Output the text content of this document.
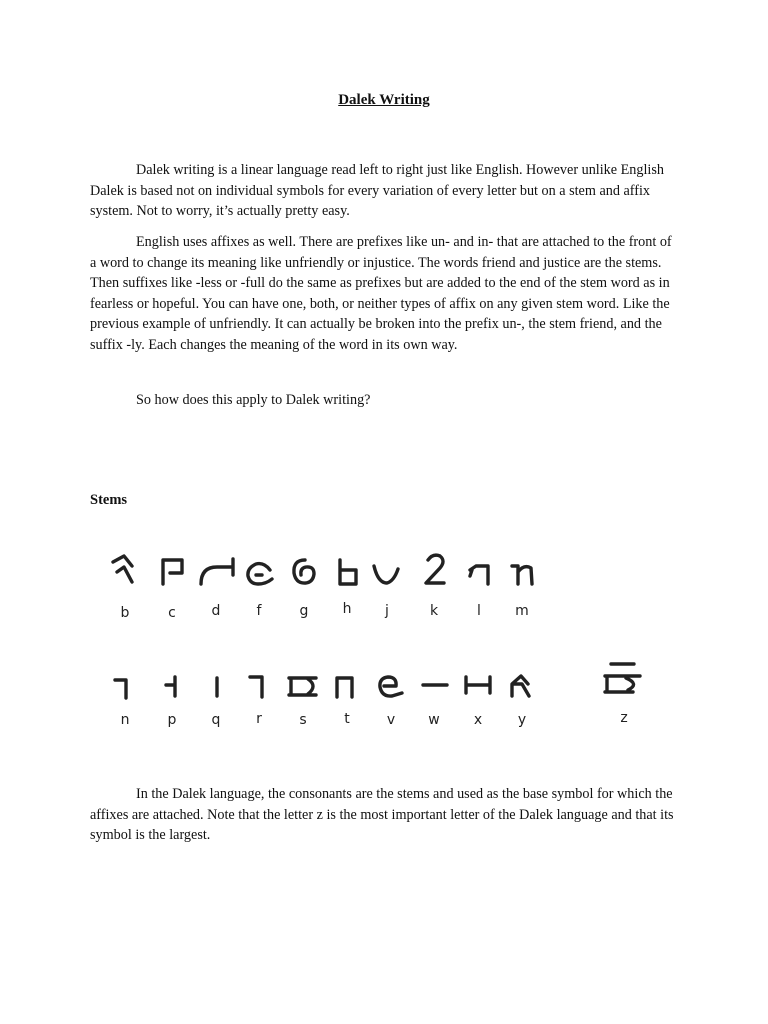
Dalek Writing

Dalek writing is a linear language read left to right just like English. However unlike English Dalek is based not on individual symbols for every variation of every letter but on a stem and affix system. Not to worry, it’s actually pretty easy.

English uses affixes as well. There are prefixes like un- and in- that are attached to the front of a word to change its meaning like unfriendly or injustice. The words friend and justice are the stems. Then suffixes like -less or -full do the same as prefixes but are added to the end of the stem word as in fearless or hopeful. You can have one, both, or neither types of affix on any given stem word. Like the previous example of unfriendly. It can actually be broken into the prefix un-, the stem friend, and the suffix -ly. Each changes the meaning of the word in its own way.

So how does this apply to Dalek writing?

Stems
b	c	d	f	g h j	k	l m
n	p	q	r	s	t	v w x	y	z

In the Dalek language, the consonants are the stems and used as the base symbol for which the affixes are attached. Note that the letter z is the most important letter of the Dalek language and that its symbol is the largest.
